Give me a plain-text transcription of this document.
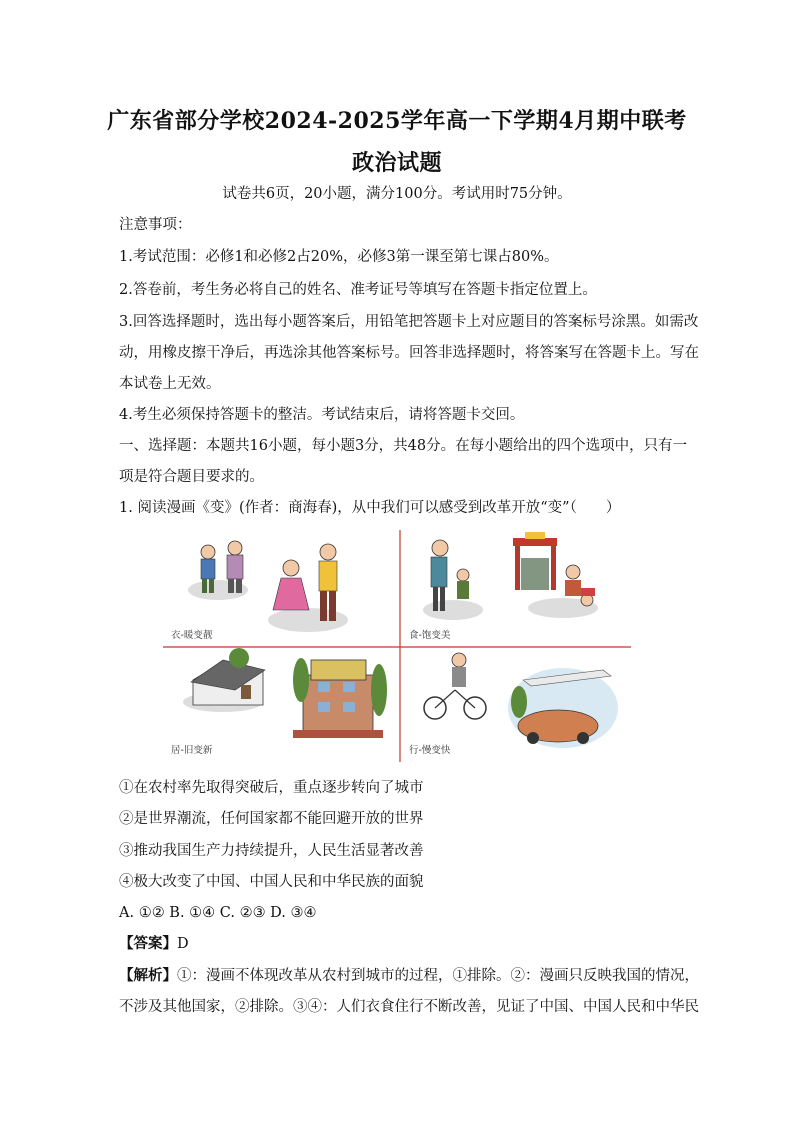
广东省部分学校2024-2025学年高一下学期4月期中联考
政治试题
试卷共6页，20小题，满分100分。考试用时75分钟。
注意事项：
1.考试范围：必修1和必修2占20%，必修3第一课至第七课占80%。
2.答卷前，考生务必将自己的姓名、准考证号等填写在答题卡指定位置上。
3.回答选择题时，选出每小题答案后，用铅笔把答题卡上对应题目的答案标号涂黑。如需改
动，用橡皮擦干净后，再选涂其他答案标号。回答非选择题时，将答案写在答题卡上。写在
本试卷上无效。
4.考生必须保持答题卡的整洁。考试结束后，请将答题卡交回。
一、选择题：本题共16小题，每小题3分，共48分。在每小题给出的四个选项中，只有一
项是符合题目要求的。
1. 阅读漫画《变》(作者：商海春)，从中我们可以感受到改革开放“变”（　　）
衣-暖变靓	食-饱变美
居-旧变新	行-慢变快
①在农村率先取得突破后，重点逐步转向了城市
②是世界潮流，任何国家都不能回避开放的世界
③推动我国生产力持续提升，人民生活显著改善
④极大改变了中国、中国人民和中华民族的面貌
A. ①② B. ①④ C. ②③ D. ③④
【答案】D
【解析】①：漫画不体现改革从农村到城市的过程，①排除。②：漫画只反映我国的情况，
不涉及其他国家，②排除。③④：人们衣食住行不断改善，见证了中国、中国人民和中华民
